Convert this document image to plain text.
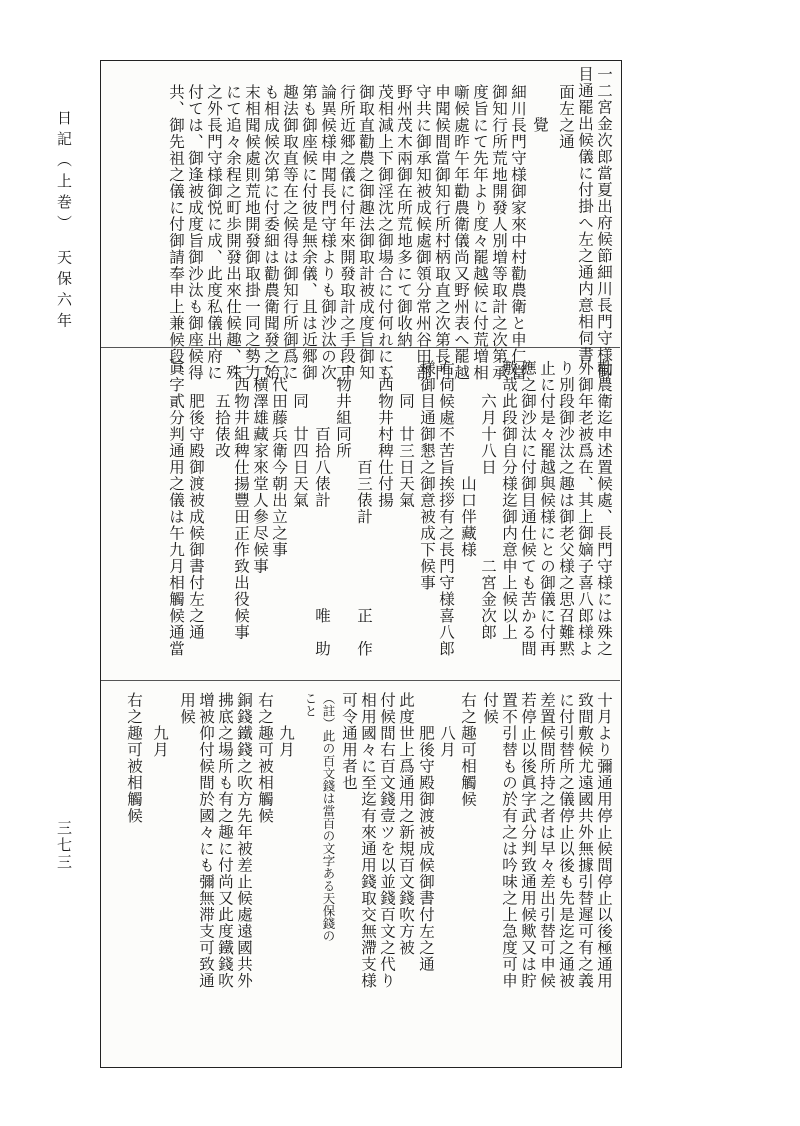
日記（上巻）　天保六年
三七三
一二宮金次郎當夏出府候節細川長門守様御
目通罷出候儀に付掛へ左之通内意相伺書
面左之通
　覺
細川長門守様御家來中村勸農衛と申仁當
御知行所荒地開發人別増等取計之次第承
度旨にて先年より度々罷越候に付荒増相
噺候處昨午年勸農衛儀尚又野州表へ罷越
申聞候間當御知行所村柄取直之次第長門
守共に御承知被成候處御領分常州谷田部
野州茂木兩御在所荒地多にて御收納
茂相減上下御淫沈之御場合に付何れにも
御取直勸農之御趣法御取計被成度旨御知
行所近郷之儀に付年來開發取計之手段申
論異候様申聞長門守様よりも御沙汰の次
第も御座候に付彼是無余儀、且は近郷御
趣法御取直等在之候得は御知行所御爲に
も相成候次第に付委細は勸農衛聞發之始
末相聞候處則荒地開發御取掛一同之勢力
にて追々余程之町歩開發出來仕候趣、殊
之外長門守様御悦に成、此度私儀出府に
付ては、御逢被成度旨御沙汰も御座候得
共、御先祖之儀に付御請奉申上兼候段、
勸農衛迄申述置候處、長門守様には殊之
外御年老被爲在、其上御嫡子喜八郎様よ
り別段御沙汰之趣は御老父様之思召難黙
止に付是々罷越與候様にとの御儀に付再
應之御沙汰に付御目通仕候ても苦かる間
敷哉此段御自分様迄御内意申上候以上
　　六月十八日　　　　　二宮金次郎
　　　　　　　山口伴藏様
右伺候處不苦旨挨拶有之長門守様喜八郎
様御目通御懇之御意被成下候事
　　同　廿三日天氣
一西物井村稗仕付揚
　　　　　　百三俵計　　　　　正　作
一物井組同所
　　　　百拾八俵計　　　　　　唯　助
　　同　廿四日天氣
一代田藤兵衛今朝出立之事
一横澤雄藏家來堂人參尽候事
一西物井組稗仕揚豐田正作致出役候事
　　五拾俵改
　　肥後守殿御渡被成候御書付左之通
眞字貳分判通用之儀は午九月相觸候通當
十月より彌通用停止候間停止以後極通用
致間敷候尤遠國共外無據引替遲可有之義
に付引替所之儀停止以後も先是迄之通被
差置候間所持之者は早々差出引替可申候
若停止以後眞字武分判致通用候歟又は貯
置不引替もの於有之は吟味之上急度可申
付候
右之趣可相觸候
　　八月
　　肥後守殿御渡被成候御書付左之通
此度世上爲通用之新規百文錢吹方被
付候間右百文錢壹ツを以並錢百文之代り
相用國々に至迄有來通用錢取交無滯支様
可令通用者也
（註）此の百文錢は當百の文字ある天保錢の
こと
　　九月
右之趣可被相觸候
銅錢鐵錢之吹方先年被差止候處遠國共外
拂底之場所も有之趣に付尚又此度鐵錢吹
增被仰付候間於國々にも彌無滞支可致通
用候
　　九月
右之趣可被相觸候
